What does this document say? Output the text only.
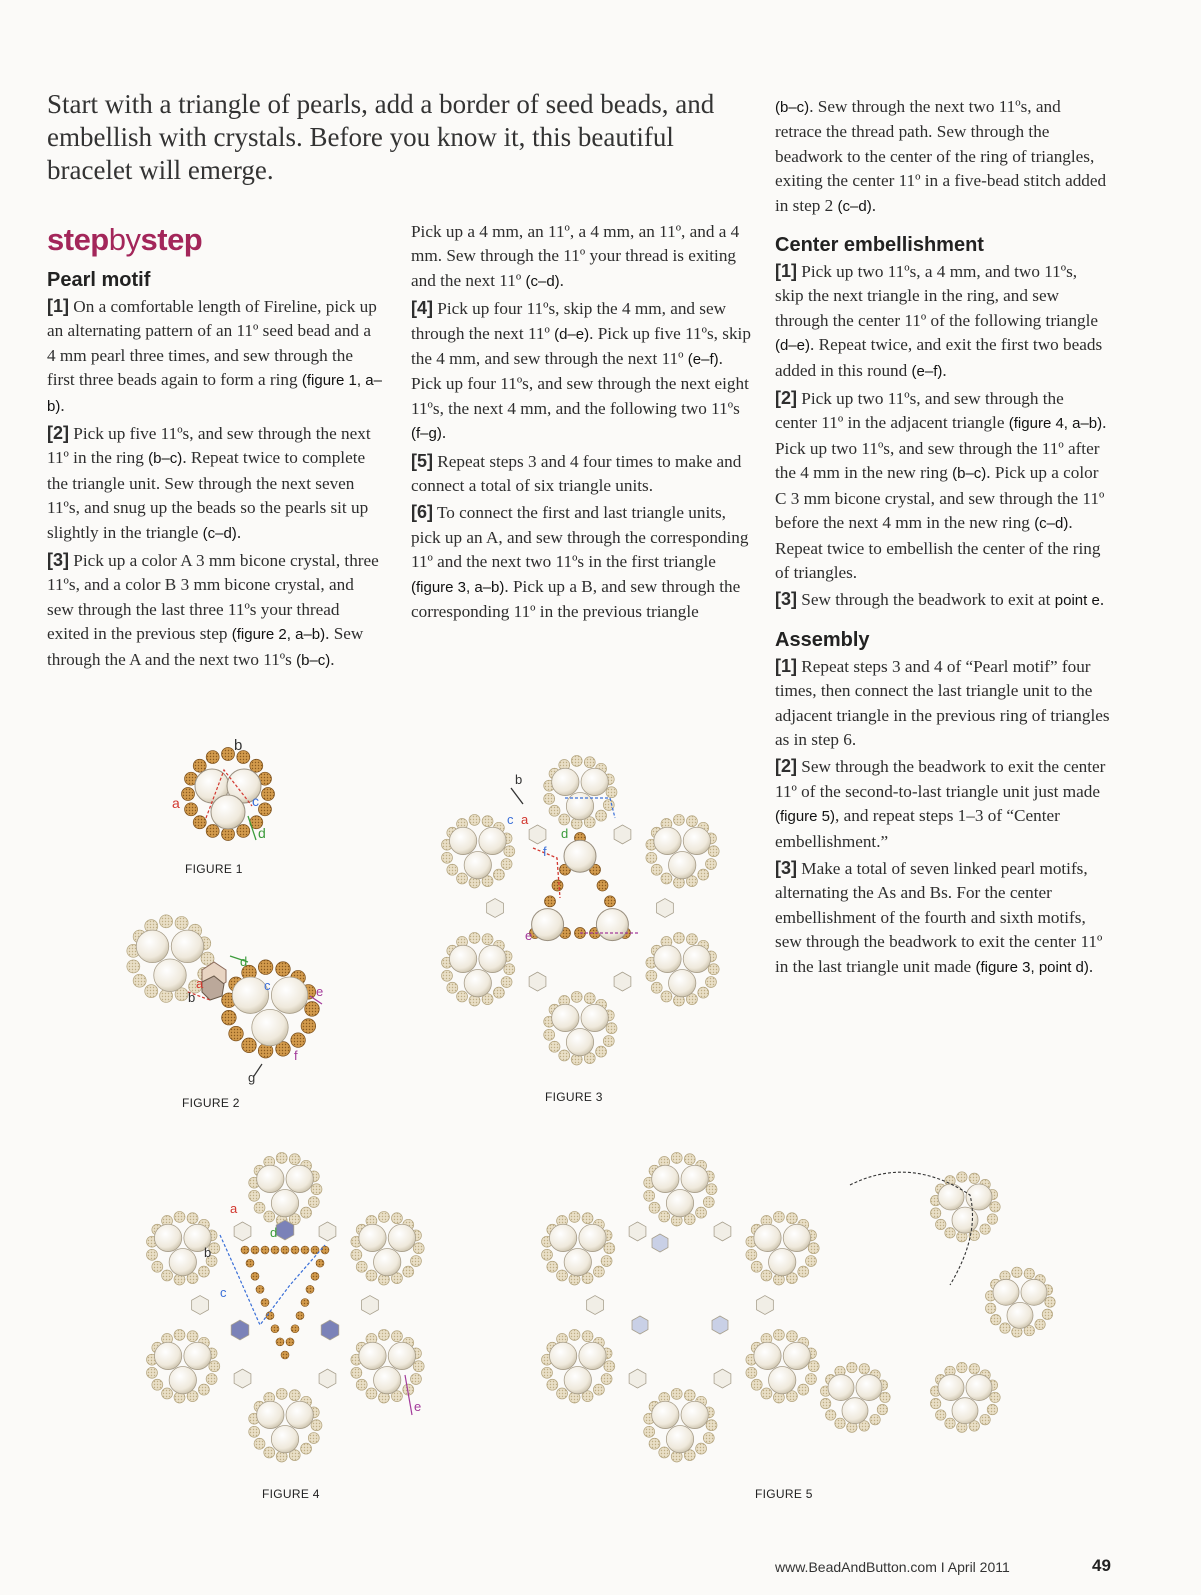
Start with a triangle of pearls, add a border of seed beads, and embellish with crystals. Before you know it, this beautiful bracelet will emerge.
stepbystep
Pearl motif

[1] On a comfortable length of Fireline, pick up an alternating pattern of an 11º seed bead and a 4 mm pearl three times, and sew through the first three beads again to form a ring (figure 1, a–b).

[2] Pick up five 11ºs, and sew through the next 11º in the ring (b–c). Repeat twice to complete the triangle unit. Sew through the next seven 11ºs, and snug up the beads so the pearls sit up slightly in the triangle (c–d).

[3] Pick up a color A 3 mm bicone crystal, three 11ºs, and a color B 3 mm bicone crystal, and sew through the last three 11ºs your thread exited in the previous step (figure 2, a–b). Sew through the A and the next two 11ºs (b–c).

Pick up a 4 mm, an 11º, a 4 mm, an 11º, and a 4 mm. Sew through the 11º your thread is exiting and the next 11º (c–d).

[4] Pick up four 11ºs, skip the 4 mm, and sew through the next 11º (d–e). Pick up five 11ºs, skip the 4 mm, and sew through the next 11º (e–f). Pick up four 11ºs, and sew through the next eight 11ºs, the next 4 mm, and the following two 11ºs (f–g).

[5] Repeat steps 3 and 4 four times to make and connect a total of six triangle units.

[6] To connect the first and last triangle units, pick up an A, and sew through the corresponding 11º and the next two 11ºs in the first triangle (figure 3, a–b). Pick up a B, and sew through the corresponding 11º in the previous triangle

(b–c). Sew through the next two 11ºs, and retrace the thread path. Sew through the beadwork to the center of the ring of triangles, exiting the center 11º in a five-bead stitch added in step 2 (c–d).

Center embellishment

[1] Pick up two 11ºs, a 4 mm, and two 11ºs, skip the next triangle in the ring, and sew through the center 11º of the following triangle (d–e). Repeat twice, and exit the first two beads added in this round (e–f).

[2] Pick up two 11ºs, and sew through the center 11º in the adjacent triangle (figure 4, a–b). Pick up two 11ºs, and sew through the 11º after the 4 mm in the new ring (b–c). Pick up a color C 3 mm bicone crystal, and sew through the 11º before the next 4 mm in the new ring (c–d). Repeat twice to embellish the center of the ring of triangles.

[3] Sew through the beadwork to exit at point e.

Assembly

[1] Repeat steps 3 and 4 of “Pearl motif” four times, then connect the last triangle unit to the adjacent triangle in the previous ring of triangles as in step 6.

[2] Sew through the beadwork to exit the center 11º of the second-to-last triangle unit just made (figure 5), and repeat steps 1–3 of “Center embellishment.”

[3] Make a total of seven linked pearl motifs, alternating the As and Bs. For the center embellishment of the fourth and sixth motifs, sew through the beadwork to exit the center 11º in the last triangle unit made (figure 3, point d).

b
a	c
d
FIGURE 1
a
b
c
d
e
f
g
FIGURE 2
b
a
c
d
e
f
FIGURE 3
a
b
c
d
e
FIGURE 4	FIGURE 5
www.BeadAndButton.com I April 2011	49
